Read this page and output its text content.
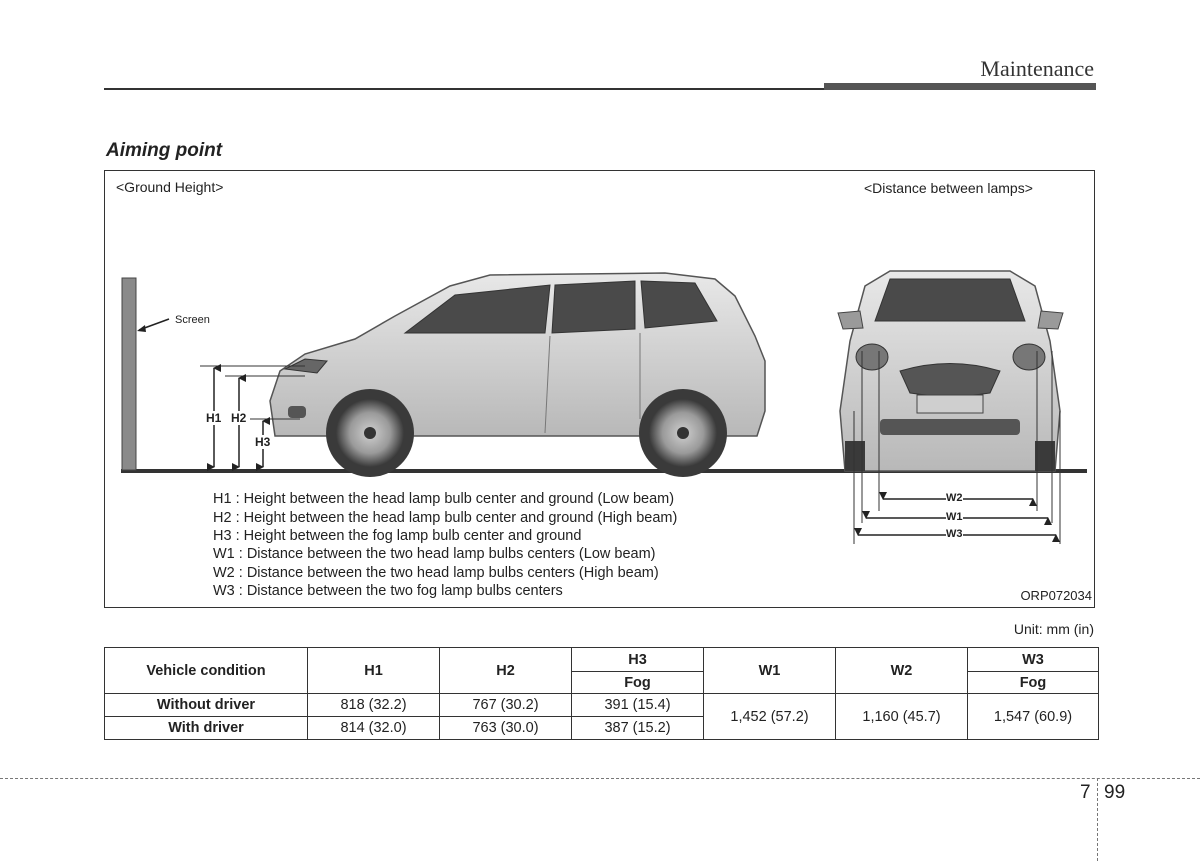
Maintenance
Aiming point
<Ground Height>	<Distance between lamps>
Screen
H1 H2
H3
W2
W1
W3
H1 : Height between the head lamp bulb center and ground (Low beam)
H2 : Height between the head lamp bulb center and ground (High beam)
H3 : Height between the fog lamp bulb center and ground
W1 : Distance between the two head lamp bulbs centers (Low beam)
W2 : Distance between the two head lamp bulbs centers (High beam)
W3 : Distance between the two fog lamp bulbs centers	ORP072034
Unit: mm (in)
Vehicle condition	H1	H2	H3	W1	W2	W3
			Fog			Fog
Without driver	818 (32.2)	767 (30.2)	391 (15.4)	1,452 (57.2)	1,160 (45.7)	1,547 (60.9)
With driver	814 (32.0)	763 (30.0)	387 (15.2)			
7 99
